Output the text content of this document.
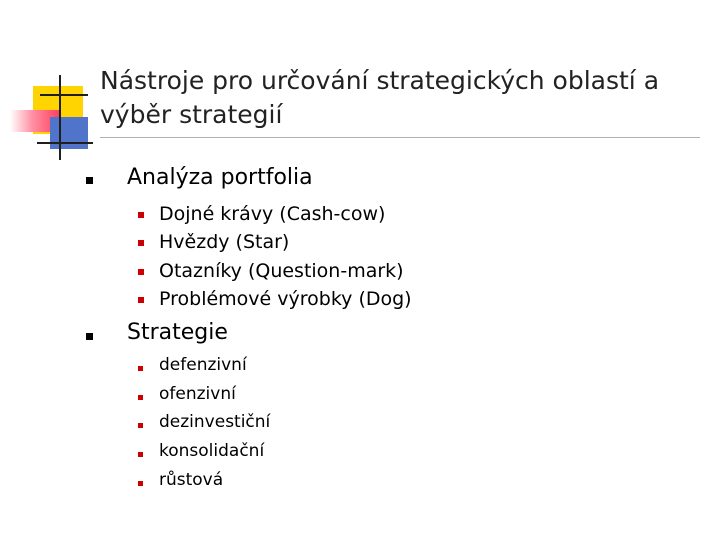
Nástroje pro určování strategických oblastí a výběr strategií
Analýza portfolia
Dojné krávy (Cash-cow)
Hvězdy (Star)
Otazníky (Question-mark)
Problémové výrobky (Dog)
Strategie
defenzivní
ofenzivní
dezinvestiční
konsolidační
růstová
